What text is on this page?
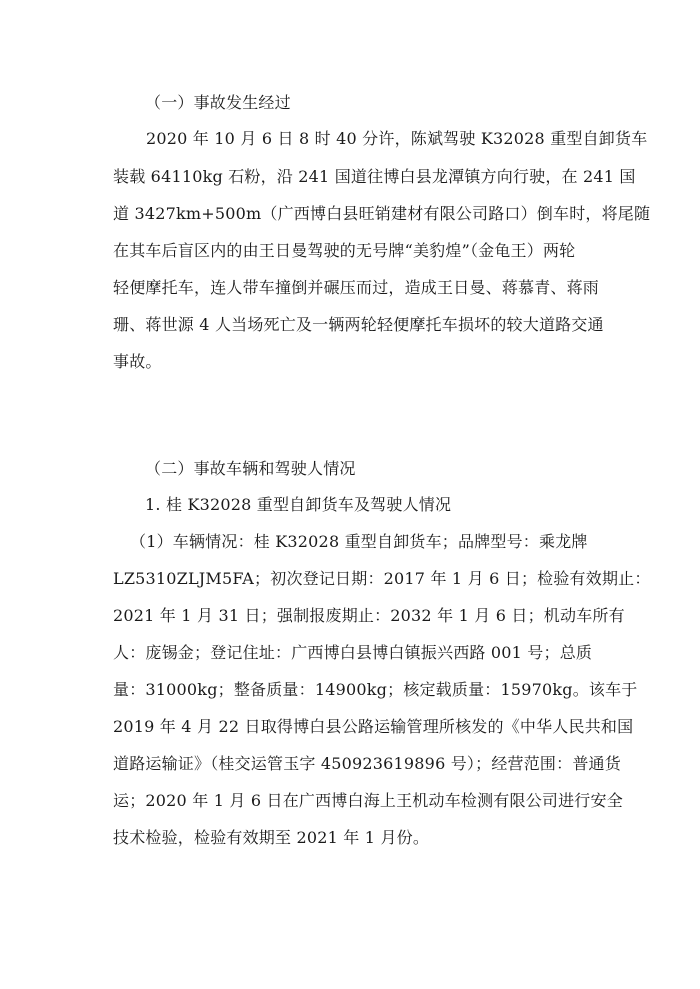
（一）事故发生经过
2020 年 10 月 6 日 8 时 40 分许，陈斌驾驶 K32028 重型自卸货车
装载 64110kg 石粉，沿 241 国道往博白县龙潭镇方向行驶，在 241 国
道 3427km+500m（广西博白县旺销建材有限公司路口）倒车时，将尾随
在其车后盲区内的由王日曼驾驶的无号牌“美豹煌”（金龟王）两轮
轻便摩托车，连人带车撞倒并碾压而过，造成王日曼、蒋慕青、蒋雨
珊、蒋世源 4 人当场死亡及一辆两轮轻便摩托车损坏的较大道路交通
事故。
（二）事故车辆和驾驶人情况
1. 桂 K32028 重型自卸货车及驾驶人情况
（1）车辆情况：桂 K32028 重型自卸货车；品牌型号：乘龙牌
LZ5310ZLJM5FA；初次登记日期：2017 年 1 月 6 日；检验有效期止：
2021 年 1 月 31 日；强制报废期止：2032 年 1 月 6 日；机动车所有
人：庞锡金；登记住址：广西博白县博白镇振兴西路 001 号；总质
量：31000kg；整备质量：14900kg；核定载质量：15970kg。该车于
2019 年 4 月 22 日取得博白县公路运输管理所核发的《中华人民共和国
道路运输证》（桂交运管玉字 450923619896 号）；经营范围：普通货
运；2020 年 1 月 6 日在广西博白海上王机动车检测有限公司进行安全
技术检验，检验有效期至 2021 年 1 月份。
